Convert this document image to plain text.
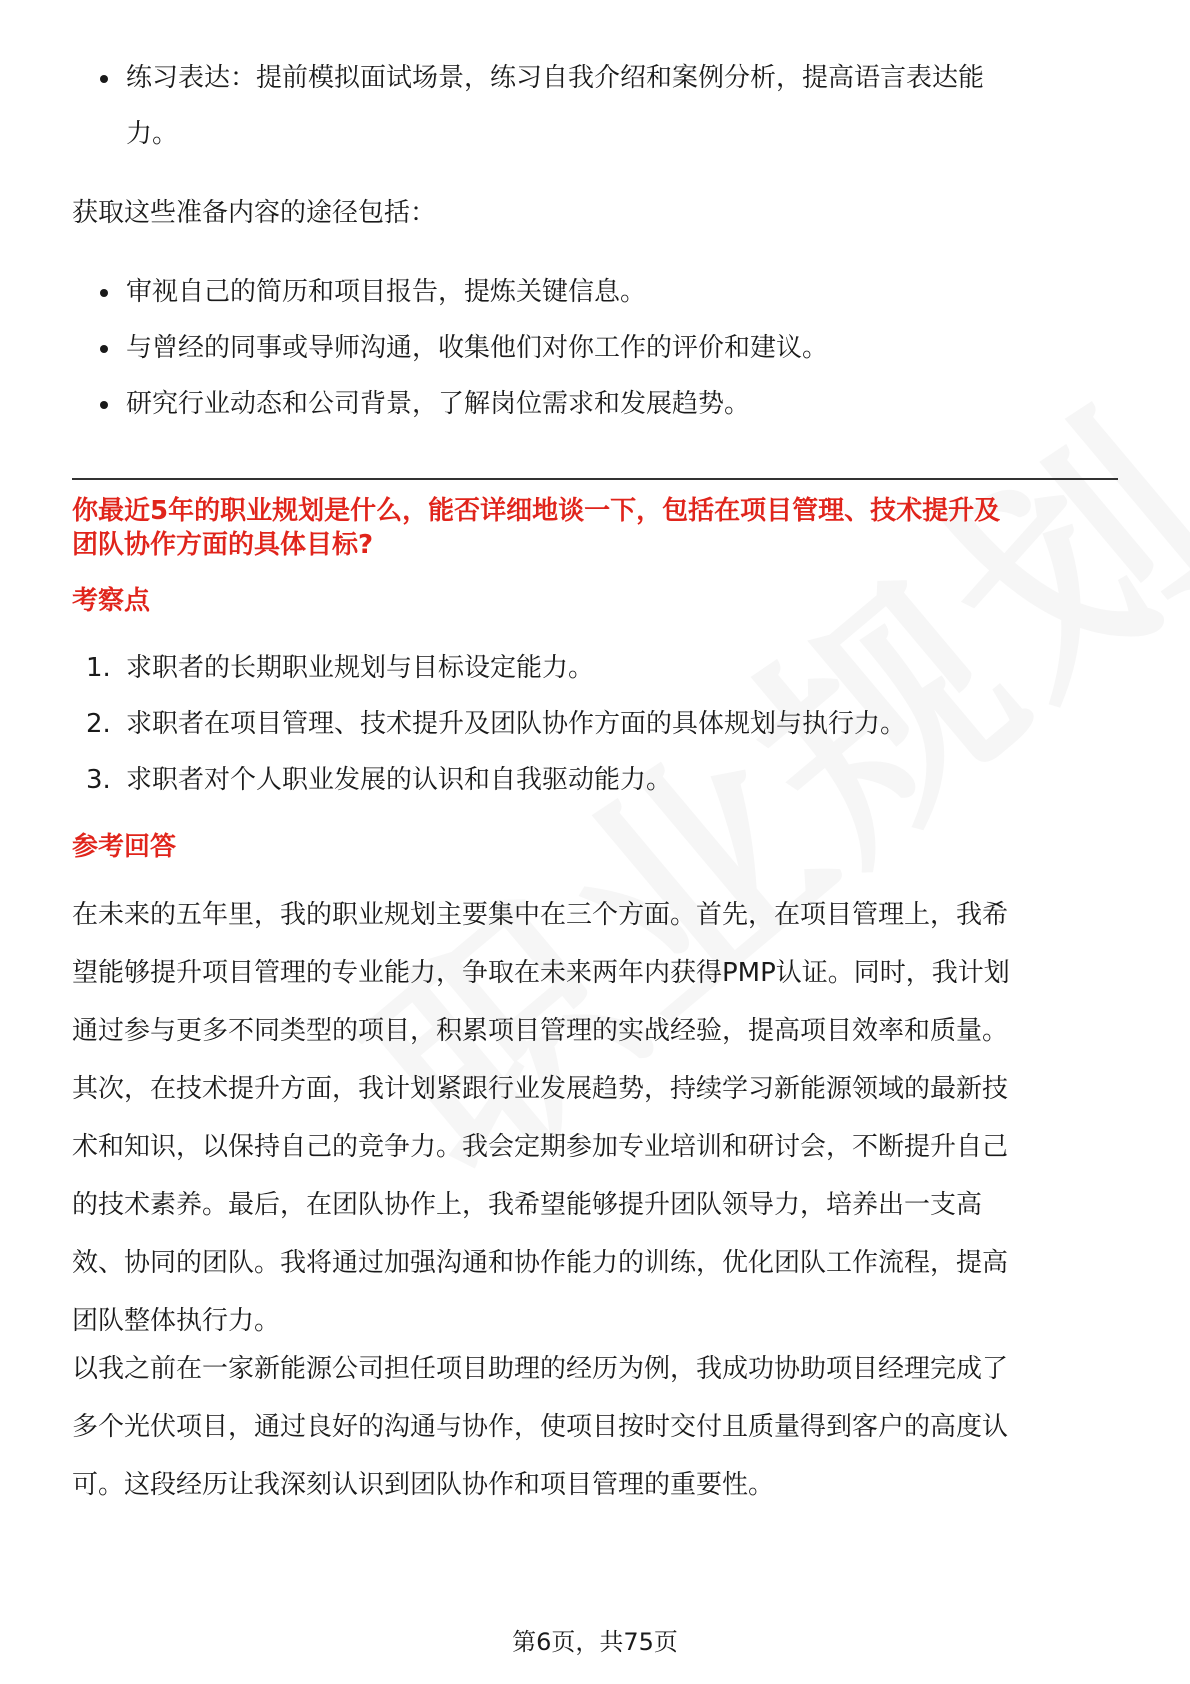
练习表达：提前模拟面试场景，练习自我介绍和案例分析，提高语言表达能
力。

获取这些准备内容的途径包括：

审视自己的简历和项目报告，提炼关键信息。
与曾经的同事或导师沟通，收集他们对你工作的评价和建议。
研究行业动态和公司背景，了解岗位需求和发展趋势。

你最近5年的职业规划是什么，能否详细地谈一下，包括在项目管理、技术提升及

团队协作方面的具体目标?

考察点

1. 求职者的长期职业规划与目标设定能力。
2. 求职者在项目管理、技术提升及团队协作方面的具体规划与执行力。
3. 求职者对个人职业发展的认识和自我驱动能力。

参考回答

在未来的五年里，我的职业规划主要集中在三个方面。首先，在项目管理上，我希

望能够提升项目管理的专业能力，争取在未来两年内获得PMP认证。同时，我计划

通过参与更多不同类型的项目，积累项目管理的实战经验，提高项目效率和质量。

其次，在技术提升方面，我计划紧跟行业发展趋势，持续学习新能源领域的最新技

术和知识，以保持自己的竞争力。我会定期参加专业培训和研讨会，不断提升自己

的技术素养。最后，在团队协作上，我希望能够提升团队领导力，培养出一支高

效、协同的团队。我将通过加强沟通和协作能力的训练，优化团队工作流程，提高

团队整体执行力。

以我之前在一家新能源公司担任项目助理的经历为例，我成功协助项目经理完成了

多个光伏项目，通过良好的沟通与协作，使项目按时交付且质量得到客户的高度认

可。这段经历让我深刻认识到团队协作和项目管理的重要性。

第6页，共75页
